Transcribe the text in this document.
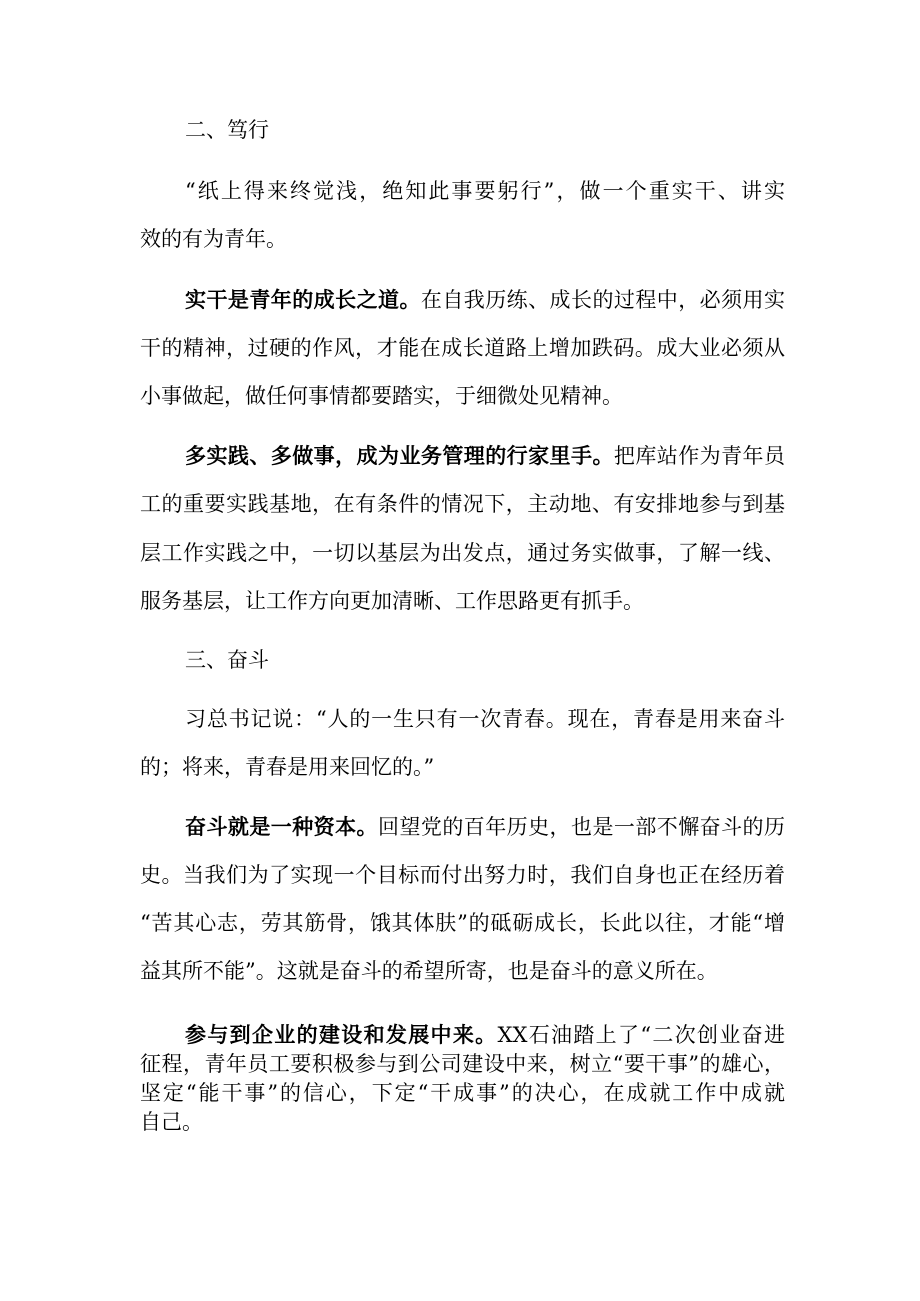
二、笃行
“纸上得来终觉浅，绝知此事要躬行”，做一个重实干、讲实
效的有为青年。
实干是青年的成长之道。在自我历练、成长的过程中，必须用实
干的精神，过硬的作风，才能在成长道路上增加跌码。成大业必须从
小事做起，做任何事情都要踏实，于细微处见精神。
多实践、多做事，成为业务管理的行家里手。把库站作为青年员
工的重要实践基地，在有条件的情况下，主动地、有安排地参与到基
层工作实践之中，一切以基层为出发点，通过务实做事，了解一线、
服务基层，让工作方向更加清晰、工作思路更有抓手。
三、奋斗
习总书记说：“人的一生只有一次青春。现在，青春是用来奋斗
的；将来，青春是用来回忆的。”
奋斗就是一种资本。回望党的百年历史，也是一部不懈奋斗的历
史。当我们为了实现一个目标而付出努力时，我们自身也正在经历着
“苦其心志，劳其筋骨，饿其体肤”的砥砺成长，长此以往，才能“增
益其所不能”。这就是奋斗的希望所寄，也是奋斗的意义所在。
参与到企业的建设和发展中来。XX石油踏上了“二次创业奋进
征程，青年员工要积极参与到公司建设中来，树立“要干事”的雄心，
坚定“能干事”的信心，下定“干成事”的决心，在成就工作中成就
自己。
